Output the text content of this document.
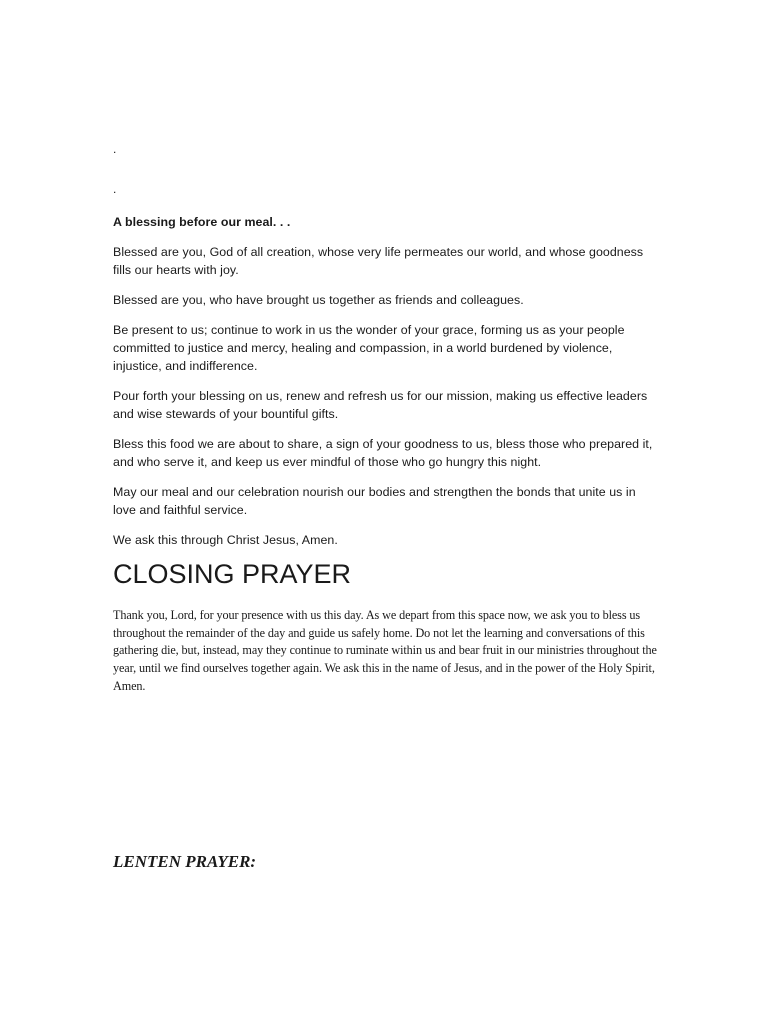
.
.
A blessing before our meal. . .

Blessed are you, God of all creation, whose very life permeates our world, and whose goodness fills our hearts with joy.

Blessed are you, who have brought us together as friends and colleagues.

Be present to us; continue to work in us the wonder of your grace, forming us as your people committed to justice and mercy, healing and compassion, in a world burdened by violence, injustice, and indifference.

Pour forth your blessing on us, renew and refresh us for our mission, making us effective leaders and wise stewards of your bountiful gifts.

Bless this food we are about to share, a sign of your goodness to us, bless those who prepared it, and who serve it, and keep us ever mindful of those who go hungry this night.

May our meal and our celebration nourish our bodies and strengthen the bonds that unite us in love and faithful service.

We ask this through Christ Jesus, Amen.

CLOSING PRAYER

Thank you, Lord, for your presence with us this day. As we depart from this space now, we ask you to bless us throughout the remainder of the day and guide us safely home. Do not let the learning and conversations of this gathering die, but, instead, may they continue to ruminate within us and bear fruit in our ministries throughout the year, until we find ourselves together again. We ask this in the name of Jesus, and in the power of the Holy Spirit, Amen.

LENTEN PRAYER:
